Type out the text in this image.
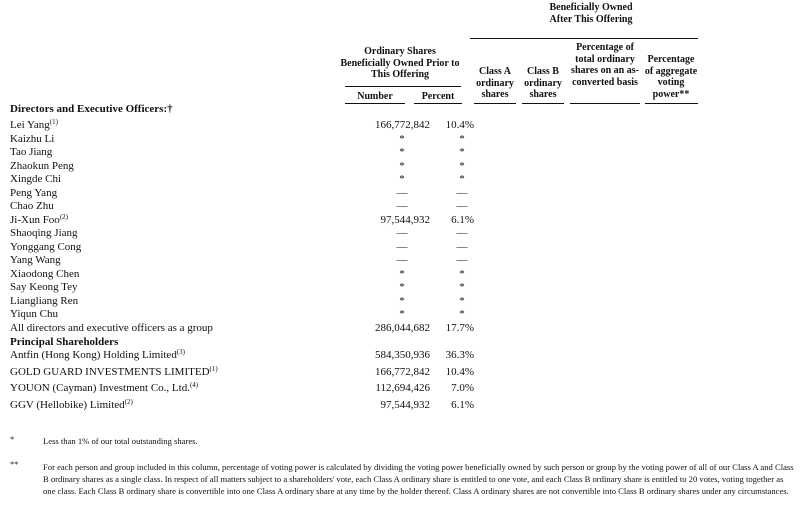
Beneficially Owned After This Offering
Ordinary Shares Beneficially Owned Prior to This Offering
Number	Percent
Class A ordinary shares
Class B ordinary shares
Percentage of total ordinary shares on an as-converted basis
Percentage of aggregate voting power**
Directors and Executive Officers:†
Lei Yang$^{(1)}$	166,772,842 10.4%
Kaizhu Li	*	*
Tao Jiang	*	*
Zhaokun Peng	*	*
Xingde Chi	*	*
Peng Yang	—	—
Chao Zhu	—	—
Ji-Xun Foo$^{(2)}$	97,544,932 6.1%
Shaoqing Jiang	—	—
Yonggang Cong	—	—
Yang Wang	—	—
Xiaodong Chen	*	*
Say Keong Tey	*	*
Liangliang Ren	*	*
Yiqun Chu	*	*
All directors and executive officers as a group	286,044,682 17.7%
Principal Shareholders
Antfin (Hong Kong) Holding Limited$^{(3)}$	584,350,936 36.3%
GOLD GUARD INVESTMENTS LIMITED$^{(1)}$	166,772,842 10.4%
YOUON (Cayman) Investment Co., Ltd.$^{(4)}$	112,694,426 7.0%
GGV (Hellobike) Limited$^{(2)}$	97,544,932 6.1%
*	Less than 1% of our total outstanding shares.
**	For each person and group included in this column, percentage of voting power is calculated by dividing the voting power beneficially owned by such person or group by the voting power of all of our Class A and Class B ordinary shares as a single class. In respect of all matters subject to a shareholders' vote, each Class A ordinary share is entitled to one vote, and each Class B ordinary share is entitled to 20 votes, voting together as one class. Each Class B ordinary share is convertible into one Class A ordinary share at any time by the holder thereof. Class A ordinary shares are not convertible into Class B ordinary shares under any circumstances.
